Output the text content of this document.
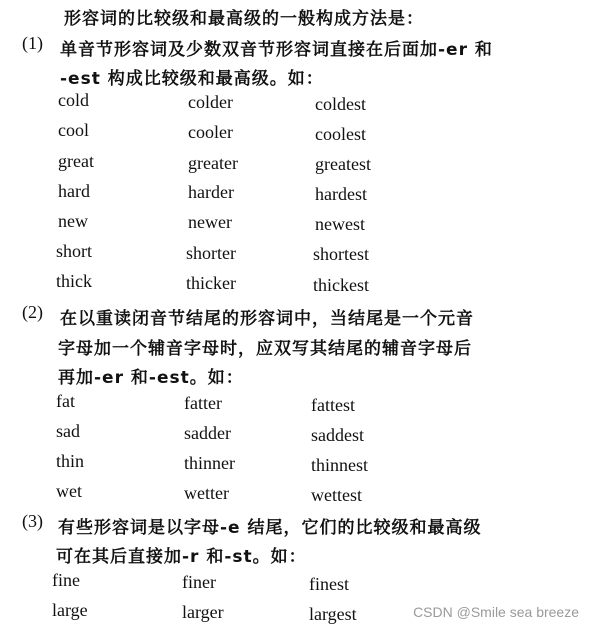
形容词的比较级和最高级的一般构成方法是：
(1) 单音节形容词及少数双音节形容词直接在后面加-er 和
-est 构成比较级和最高级。如：
cold	colder	coldest
cool	cooler	coolest
great	greater	greatest
hard	harder	hardest
new	newer	newest
short	shorter	shortest
thick	thicker	thickest
(2) 在以重读闭音节结尾的形容词中，当结尾是一个元音
字母加一个辅音字母时，应双写其结尾的辅音字母后
再加-er 和-est。如：
fat	fatter	fattest
sad	sadder	saddest
thin	thinner	thinnest
wet	wetter	wettest
(3) 有些形容词是以字母-e 结尾，它们的比较级和最高级
可在其后直接加-r 和-st。如：
fine	finer	finest
large	larger	largest	CSDN @Smile sea breeze
